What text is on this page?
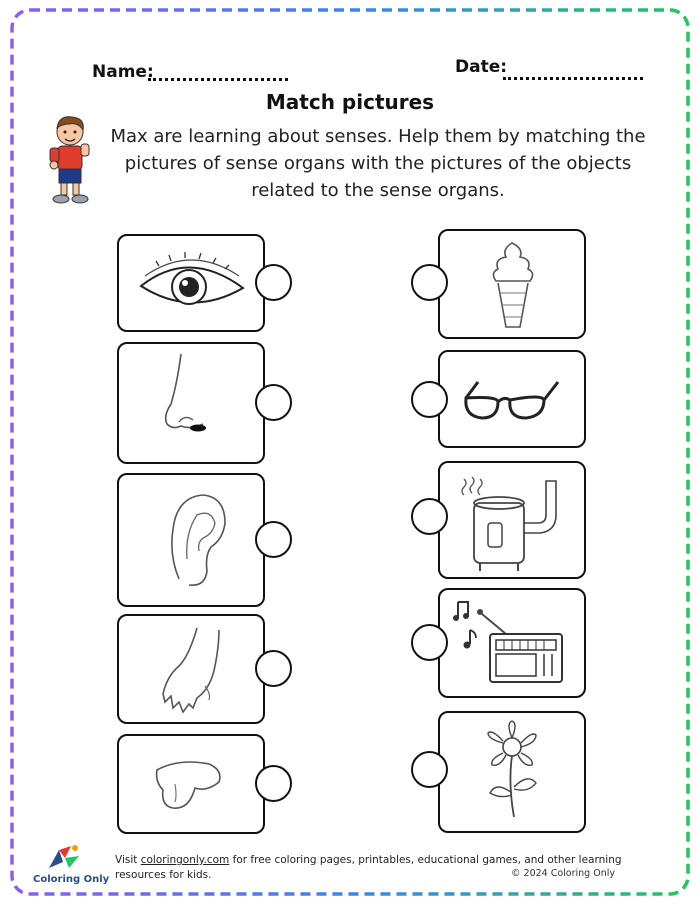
Name:	Date:
Match pictures
Max are learning about senses. Help them by matching the pictures of sense organs with the pictures of the objects related to the sense organs.
Coloring Only
Visit coloringonly.com for free coloring pages, printables, educational games, and other learning resources for kids.	© 2024 Coloring Only
